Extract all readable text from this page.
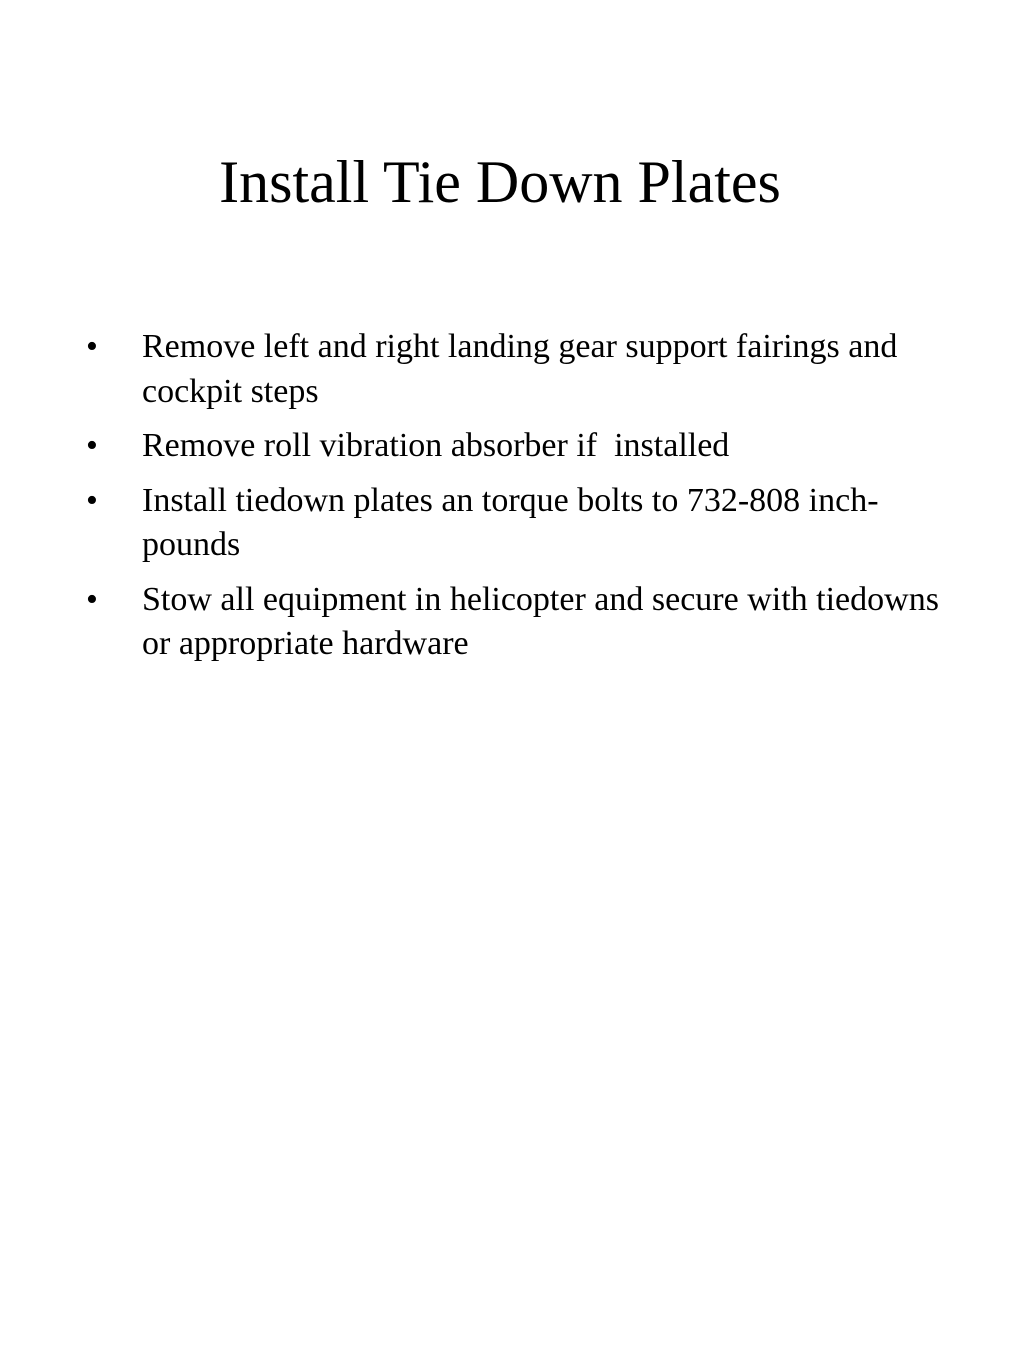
Install Tie Down Plates
•	Remove left and right landing gear support fairings and cockpit steps
•	Remove roll vibration absorber if  installed
•	Install tiedown plates an torque bolts to 732-808 inch-pounds
•	Stow all equipment in helicopter and secure with tiedowns or appropriate hardware
